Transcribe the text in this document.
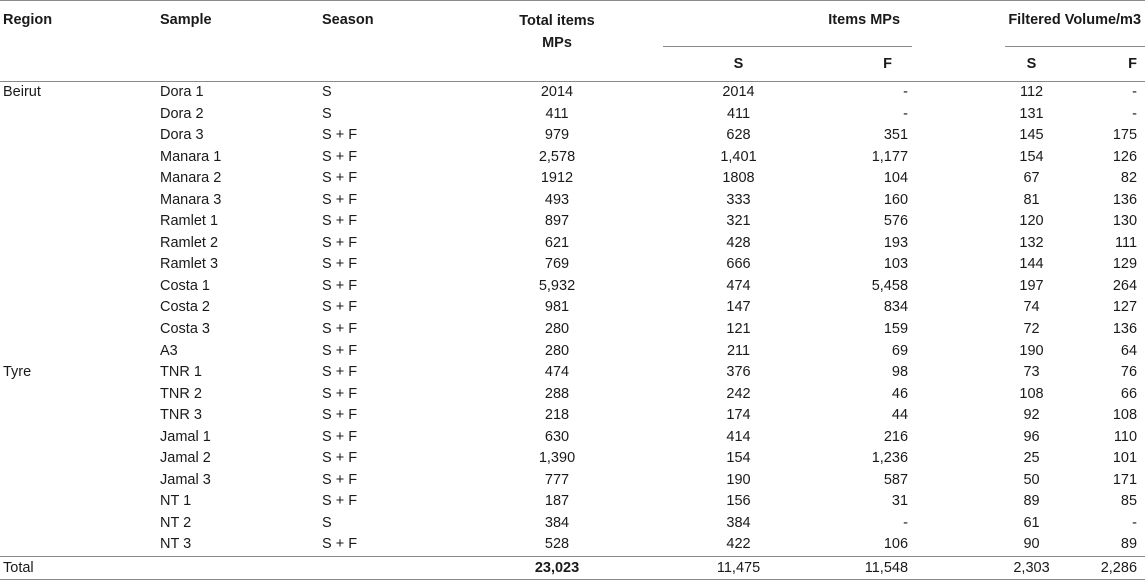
Region	Sample	Season	Total items MPs		Items MPs				Filtered Volume/m3	
					S		F		S	F

Beirut	Dora 1	S	2014		2014		-		112	-
	Dora 2	S	411		411		-		131	-
	Dora 3	S + F	979		628		351		145	175
	Manara 1	S + F	2,578		1,401		1,177		154	126
	Manara 2	S + F	1912		1808		104		67	82
	Manara 3	S + F	493		333		160		81	136
	Ramlet 1	S + F	897		321		576		120	130
	Ramlet 2	S + F	621		428		193		132	111
	Ramlet 3	S + F	769		666		103		144	129
	Costa 1	S + F	5,932		474		5,458		197	264
	Costa 2	S + F	981		147		834		74	127
	Costa 3	S + F	280		121		159		72	136
	A3	S + F	280		211		69		190	64
Tyre	TNR 1	S + F	474		376		98		73	76
	TNR 2	S + F	288		242		46		108	66
	TNR 3	S + F	218		174		44		92	108
	Jamal 1	S + F	630		414		216		96	110
	Jamal 2	S + F	1,390		154		1,236		25	101
	Jamal 3	S + F	777		190		587		50	171
	NT 1	S + F	187		156		31		89	85
	NT 2	S	384		384		-		61	-
	NT 3	S + F	528		422		106		90	89
Total			23,023		11,475		11,548		2,303	2,286
